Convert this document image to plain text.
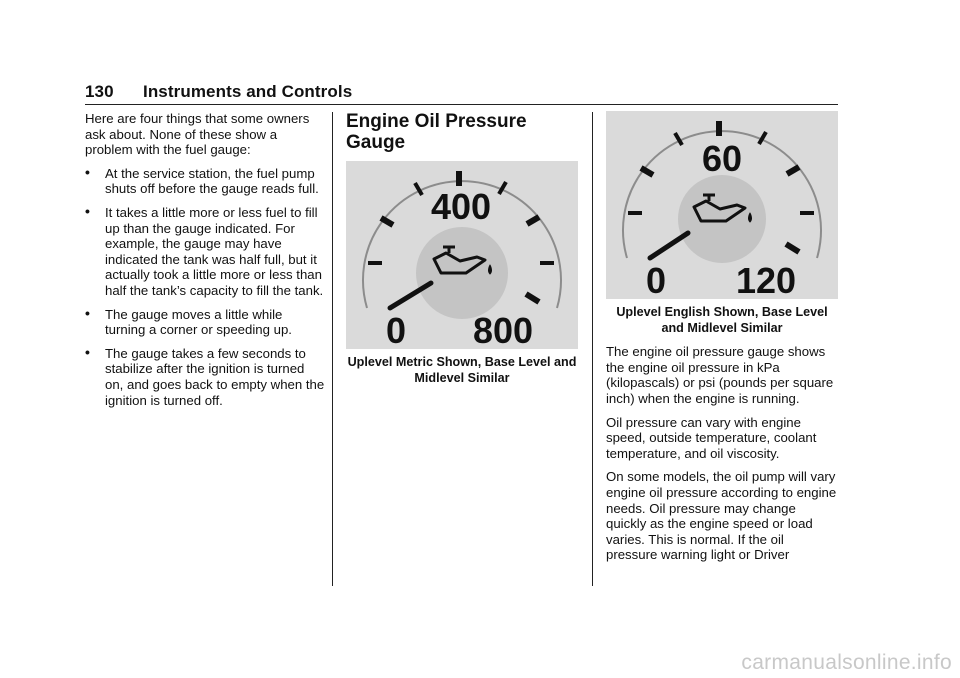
130 Instruments and Controls

Here are four things that some owners ask about. None of these show a problem with the fuel gauge:

• At the service station, the fuel pump shuts off before the gauge reads full.
• It takes a little more or less fuel to fill up than the gauge indicated. For example, the gauge may have indicated the tank was half full, but it actually took a little more or less than half the tank’s capacity to fill the tank.
• The gauge moves a little while turning a corner or speeding up.
• The gauge takes a few seconds to stabilize after the ignition is turned on, and goes back to empty when the ignition is turned off.
Engine Oil Pressure Gauge
400
0 800
Uplevel Metric Shown, Base Level and Midlevel Similar
60
0 120
Uplevel English Shown, Base Level and Midlevel Similar

The engine oil pressure gauge shows the engine oil pressure in kPa (kilopascals) or psi (pounds per square inch) when the engine is running.

Oil pressure can vary with engine speed, outside temperature, coolant temperature, and oil viscosity.

On some models, the oil pump will vary engine oil pressure according to engine needs. Oil pressure may change quickly as the engine speed or load varies. This is normal. If the oil pressure warning light or Driver

carmanualsonline.info
